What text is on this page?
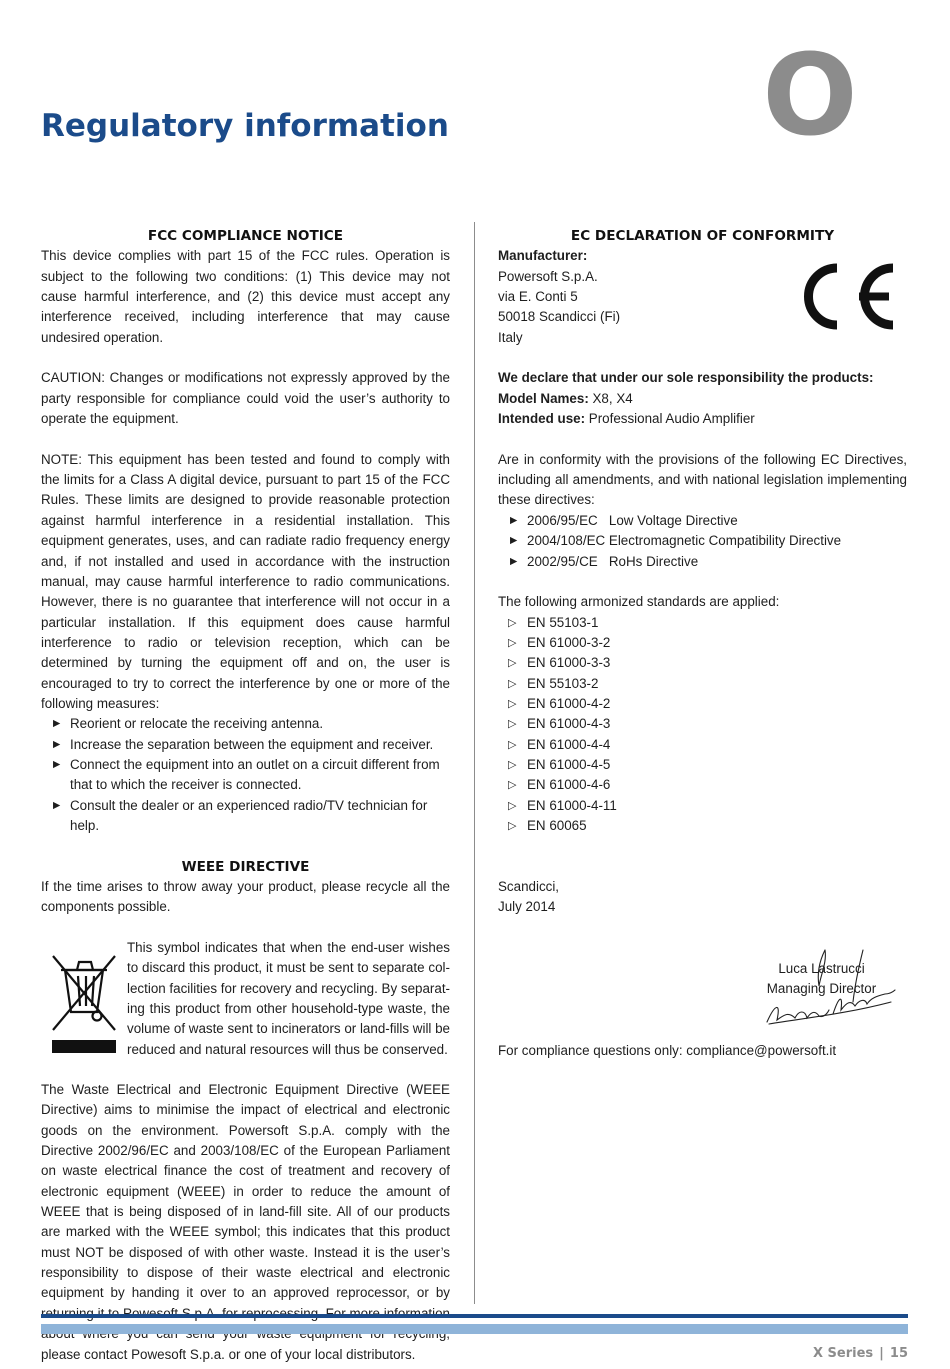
O
Regulatory information
FCC COMPLIANCE NOTICE

This device complies with part 15 of the FCC rules. Operation is subject to the following two conditions: (1) This device may not cause harmful interference, and (2) this device must accept any interference received, including interference that may cause undesired operation.

CAUTION: Changes or modifications not expressly approved by the party responsible for compliance could void the user’s authority to operate the equipment.

NOTE: This equipment has been tested and found to comply with the limits for a Class A digital device, pursuant to part 15 of the FCC Rules. These limits are designed to provide reasonable protection against harmful interference in a residential installation. This equipment generates, uses, and can radiate radio frequency energy and, if not installed and used in accordance with the instruction manual, may cause harmful interference to radio communications. However, there is no guarantee that interference will not occur in a particular installation. If this equipment does cause harmful interference to radio or television reception, which can be determined by turning the equipment off and on, the user is encouraged to try to correct the interference by one or more of the following measures:

▶ Reorient or relocate the receiving antenna.
▶ Increase the separation between the equipment and receiver.
▶ Connect the equipment into an outlet on a circuit different from that to which the receiver is connected.
▶ Consult the dealer or an experienced radio/TV technician for help.
WEEE DIRECTIVE

If the time arises to throw away your product, please recycle all the components possible.

This symbol indicates that when the end-user wishes to discard this product, it must be sent to separate collection facilities for recovery and recycling. By separating this product from other household-type waste, the volume of waste sent to incinerators or land-fills will be reduced and natural resources will thus be conserved.

The Waste Electrical and Electronic Equipment Directive (WEEE Directive) aims to minimise the impact of electrical and electronic goods on the environment. Powersoft S.p.A. comply with the Directive 2002/96/EC and 2003/108/EC of the European Parliament on waste electrical finance the cost of treatment and recovery of electronic equipment (WEEE) in order to reduce the amount of WEEE that is being disposed of in land-fill site. All of our products are marked with the WEEE symbol; this indicates that this product must NOT be disposed of with other waste. Instead it is the user’s responsibility to dispose of their waste electrical and electronic equipment by handing it over to an approved reprocessor, or by please contact Powesoft S.p.a. or one of your local distributors.

EC DECLARATION OF CONFORMITY

Manufacturer:

Powersoft S.p.A.

via E. Conti 5

50018 Scandicci (Fi)

Italy

We declare that under our sole responsibility the products:

Model Names: X8, X4

Intended use: Professional Audio Amplifier

Are in conformity with the provisions of the following EC Directives, including all amendments, and with national legislation implementing these directives:

▶ 2006/95/EC   Low Voltage Directive
▶ 2004/108/EC Electromagnetic Compatibility Directive
▶ 2002/95/CE   RoHs Directive

The following armonized standards are applied:

▷ EN 55103-1
▷ EN 61000-3-2
▷ EN 61000-3-3
▷ EN 55103-2
▷ EN 61000-4-2
▷ EN 61000-4-3
▷ EN 61000-4-4
▷ EN 61000-4-5
▷ EN 61000-4-6
▷ EN 61000-4-11
▷ EN 60065

Scandicci,

July 2014

Luca Lastrucci
Managing Director
For compliance questions only: compliance@powersoft.it
X Series | 15
